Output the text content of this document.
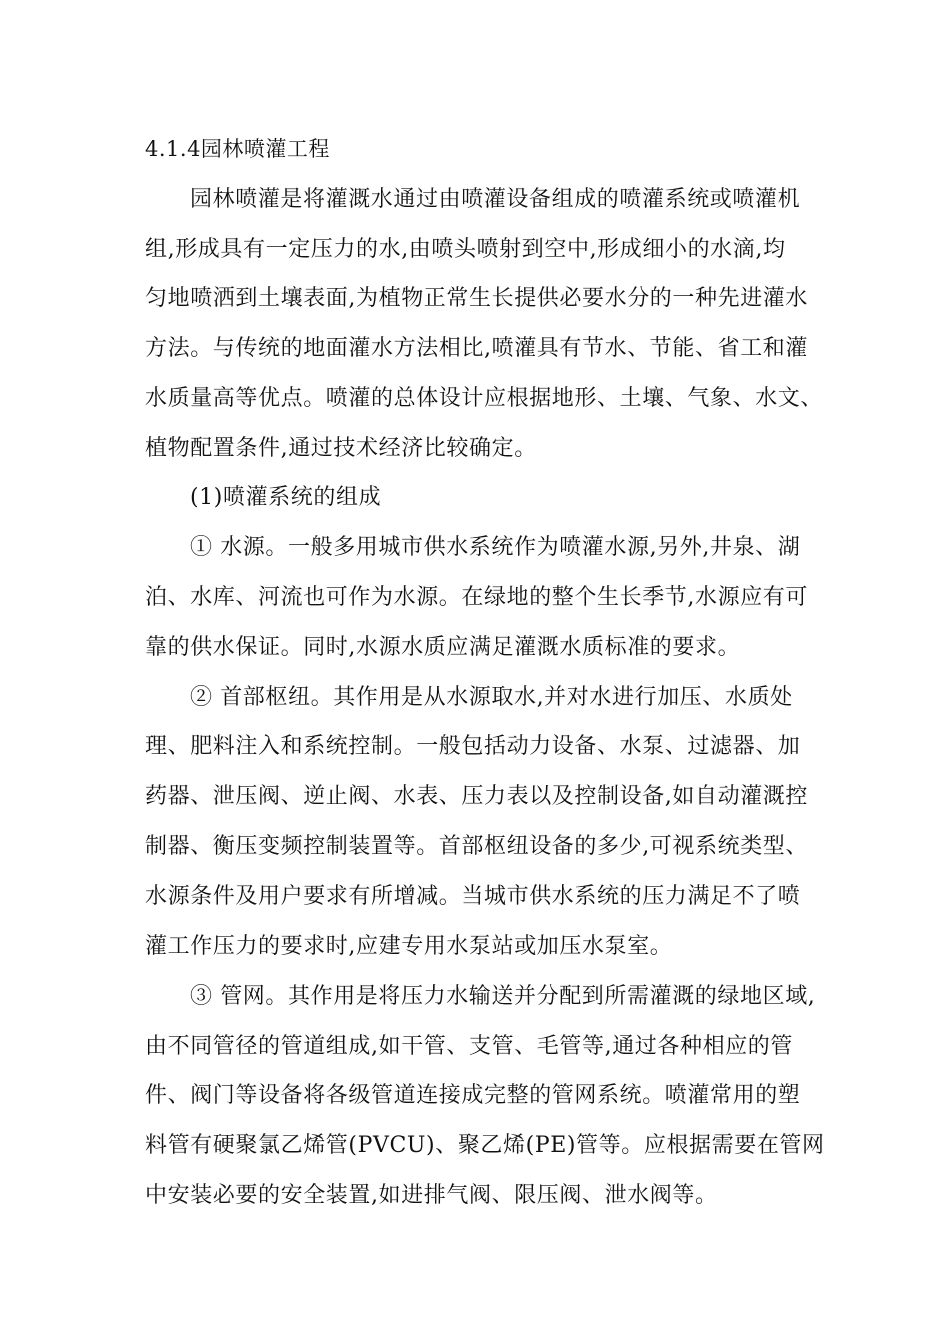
4.1.4园林喷灌工程
园林喷灌是将灌溉水通过由喷灌设备组成的喷灌系统或喷灌机
组,形成具有一定压力的水,由喷头喷射到空中,形成细小的水滴,均
匀地喷洒到土壤表面,为植物正常生长提供必要水分的一种先进灌水
方法。与传统的地面灌水方法相比,喷灌具有节水、节能、省工和灌
水质量高等优点。喷灌的总体设计应根据地形、土壤、气象、水文、
植物配置条件,通过技术经济比较确定。
(1)喷灌系统的组成
① 水源。一般多用城市供水系统作为喷灌水源,另外,井泉、湖
泊、水库、河流也可作为水源。在绿地的整个生长季节,水源应有可
靠的供水保证。同时,水源水质应满足灌溉水质标准的要求。
② 首部枢纽。其作用是从水源取水,并对水进行加压、水质处
理、肥料注入和系统控制。一般包括动力设备、水泵、过滤器、加
药器、泄压阀、逆止阀、水表、压力表以及控制设备,如自动灌溉控
制器、衡压变频控制装置等。首部枢纽设备的多少,可视系统类型、
水源条件及用户要求有所增减。当城市供水系统的压力满足不了喷
灌工作压力的要求时,应建专用水泵站或加压水泵室。
③ 管网。其作用是将压力水输送并分配到所需灌溉的绿地区域,
由不同管径的管道组成,如干管、支管、毛管等,通过各种相应的管
件、阀门等设备将各级管道连接成完整的管网系统。喷灌常用的塑
料管有硬聚氯乙烯管(PVCU)、聚乙烯(PE)管等。应根据需要在管网
中安装必要的安全装置,如进排气阀、限压阀、泄水阀等。
